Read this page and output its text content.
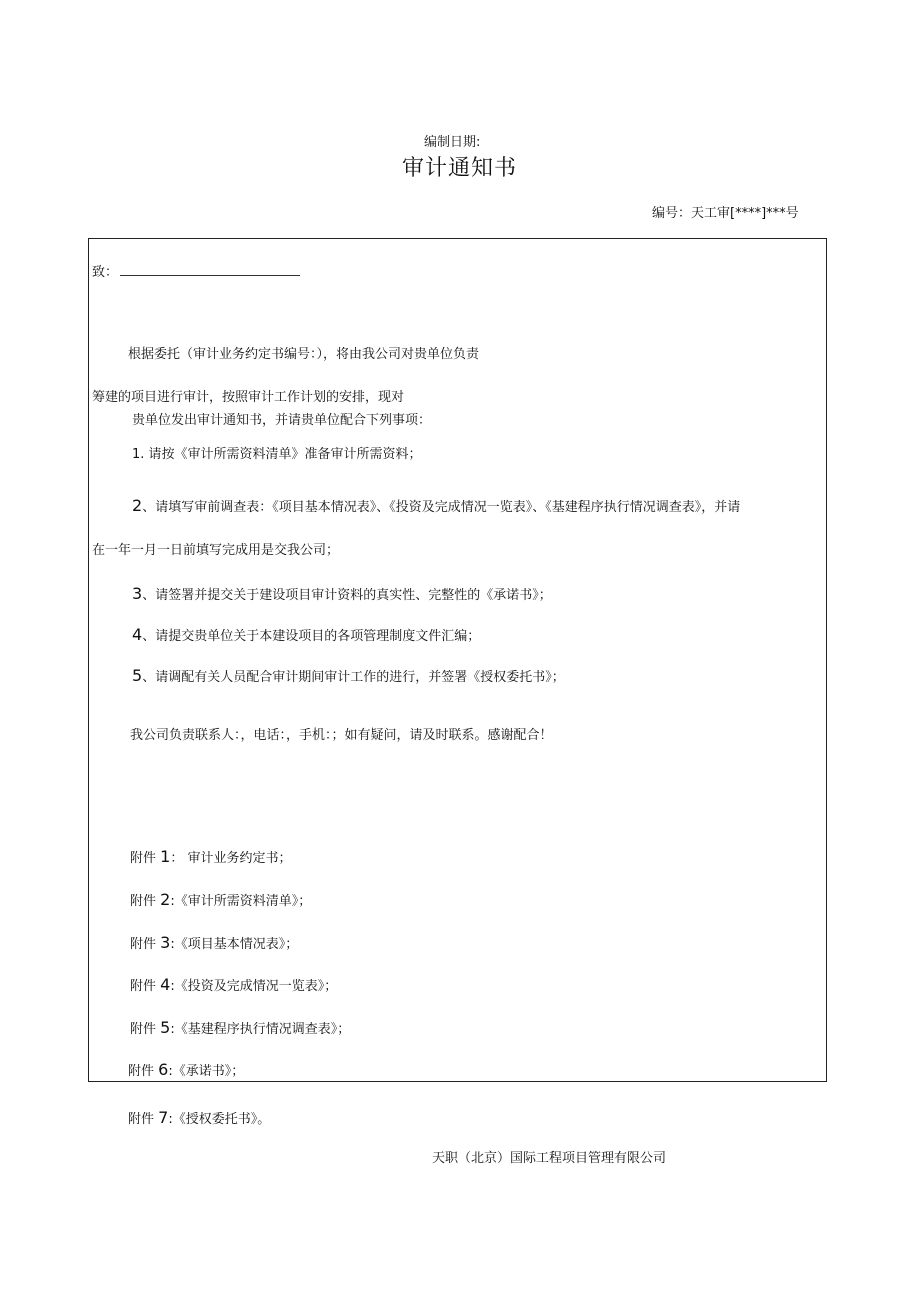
编制日期:

审计通知书

编号：天工审[****]***号

致：

根据委托（审计业务约定书编号：），将由我公司对贵单位负责

筹建的项目进行审计，按照审计工作计划的安排，现对

贵单位发出审计通知书，并请贵单位配合下列事项：

1. 请按《审计所需资料清单》准备审计所需资料；

2、请填写审前调查表：《项目基本情况表》、《投资及完成情况一览表》、《基建程序执行情况调查表》，并请

在一年一月一日前填写完成用是交我公司；

3、请签署并提交关于建设项目审计资料的真实性、完整性的《承诺书》；

4、请提交贵单位关于本建设项目的各项管理制度文件汇编；

5、请调配有关人员配合审计期间审计工作的进行，并签署《授权委托书》；

我公司负责联系人：，电话：，手机：；如有疑问，请及时联系。感谢配合！

附件 1： 审计业务约定书；

附件 2:《审计所需资料清单》；

附件 3:《项目基本情况表》；

附件 4:《投资及完成情况一览表》；

附件 5:《基建程序执行情况调查表》；

附件 6:《承诺书》；

附件 7:《授权委托书》。

天职（北京）国际工程项目管理有限公司
